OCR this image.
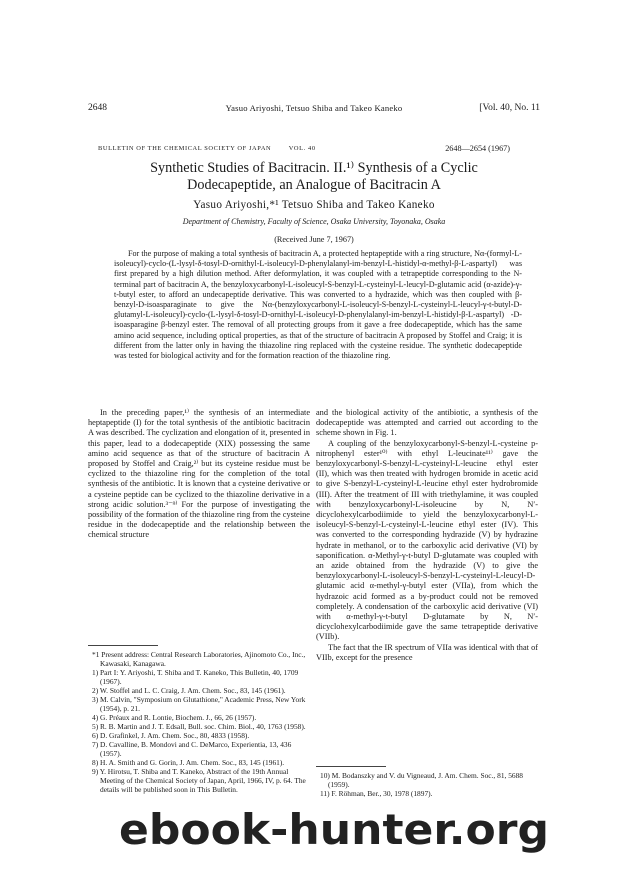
2648	Yasuo Ariyoshi, Tetsuo Shiba and Takeo Kaneko	[Vol. 40, No. 11
BULLETIN OF THE CHEMICAL SOCIETY OF JAPAN	VOL. 40	2648—2654 (1967)
Synthetic Studies of Bacitracin. II.¹⁾ Synthesis of a Cyclic
Dodecapeptide, an Analogue of Bacitracin A
Yasuo Ariyoshi,*¹ Tetsuo Shiba and Takeo Kaneko
Department of Chemistry, Faculty of Science, Osaka University, Toyonaka, Osaka
(Received June 7, 1967)

For the purpose of making a total synthesis of bacitracin A, a protected heptapeptide with a ring structure, Nα-(formyl-L-isoleucyl)-cyclo-(L-lysyl-δ-tosyl-D-ornithyl-L-isoleucyl-D-phenylalanyl-im-benzyl-L-histidyl-α-methyl-β-L-aspartyl) was first prepared by a high dilution method. After deformylation, it was coupled with a tetrapeptide corresponding to the N-terminal part of bacitracin A, the benzyloxycarbonyl-L-isoleucyl-S-benzyl-L-cysteinyl-L-leucyl-D-glutamic acid (α-azide)-γ-t-butyl ester, to afford an undecapeptide derivative. This was converted to a hydrazide, which was then coupled with β-benzyl-D-isoasparaginate to give the Nα-(benzyloxycarbonyl-L-isoleucyl-S-benzyl-L-cysteinyl-L-leucyl-γ-t-butyl-D-glutamyl-L-isoleucyl)-cyclo-(L-lysyl-δ-tosyl-D-ornithyl-L-isoleucyl-D-phenylalanyl-im-benzyl-L-histidyl-β-L-aspartyl) -D-isoasparagine β-benzyl ester. The removal of all protecting groups from it gave a free dodecapeptide, which has the same amino acid sequence, including optical properties, as that of the structure of bacitracin A proposed by Stoffel and Craig; it is different from the latter only in having the thiazoline ring replaced with the cysteine residue. The synthetic dodecapeptide was tested for biological activity and for the formation reaction of the thiazoline ring.

In the preceding paper,¹⁾ the synthesis of an intermediate heptapeptide (I) for the total synthesis of the antibiotic bacitracin A was described. The cyclization and elongation of it, presented in this paper, lead to a dodecapeptide (XIX) possessing the same amino acid sequence as that of the structure of bacitracin A proposed by Stoffel and Craig,²⁾ but its cysteine residue must be cyclized to the thiazoline ring for the completion of the total synthesis of the antibiotic. It is known that a cysteine derivative or a cysteine peptide can be cyclized to the thiazoline derivative in a strong acidic solution.³⁻⁹⁾ For the purpose of investigating the possibility of the formation of the thiazoline ring from the cysteine residue in the dodecapeptide and the relationship between the chemical structure

and the biological activity of the antibiotic, a synthesis of the dodecapeptide was attempted and carried out according to the scheme shown in Fig. 1.

A coupling of the benzyloxycarbonyl-S-benzyl-L-cysteine p-nitrophenyl ester¹⁰⁾ with ethyl L-leucinate¹¹⁾ gave the benzyloxycarbonyl-S-benzyl-L-cysteinyl-L-leucine ethyl ester (II), which was then treated with hydrogen bromide in acetic acid to give S-benzyl-L-cysteinyl-L-leucine ethyl ester hydrobromide (III). After the treatment of III with triethylamine, it was coupled with benzyloxycarbonyl-L-isoleucine by N, N′-dicyclohexylcarbodiimide to yield the benzyloxycarbonyl-L-isoleucyl-S-benzyl-L-cysteinyl-L-leucine ethyl ester (IV). This was converted to the corresponding hydrazide (V) by hydrazine hydrate in methanol, or to the carboxylic acid derivative (VI) by saponification. α-Methyl-γ-t-butyl D-glutamate was coupled with an azide obtained from the hydrazide (V) to give the benzyloxycarbonyl-L-isoleucyl-S-benzyl-L-cysteinyl-L-leucyl-D-glutamic acid α-methyl-γ-butyl ester (VIIa), from which the hydrazoic acid formed as a by-product could not be removed completely. A condensation of the carboxylic acid derivative (VI) with α-methyl-γ-t-butyl D-glutamate by N, N′-dicyclohexylcarbodiimide gave the same tetrapeptide derivative (VIIb).

The fact that the IR spectrum of VIIa was identical with that of VIIb, except for the presence

*1 Present address: Central Research Laboratories, Ajinomoto Co., Inc., Kawasaki, Kanagawa.
1) Part I: Y. Ariyoshi, T. Shiba and T. Kaneko, This Bulletin, 40, 1709 (1967).
2) W. Stoffel and L. C. Craig, J. Am. Chem. Soc., 83, 145 (1961).
3) M. Calvin, "Symposium on Glutathione," Academic Press, New York (1954), p. 21.
4) G. Préaux and R. Lontie, Biochem. J., 66, 26 (1957).
5) R. B. Martin and J. T. Edsall, Bull. soc. Chim. Biol., 40, 1763 (1958).
6) D. Grafinkel, J. Am. Chem. Soc., 80, 4833 (1958).
7) D. Cavalline, B. Mondovi and C. DeMarco, Experientia, 13, 436 (1957).
8) H. A. Smith and G. Gorin, J. Am. Chem. Soc., 83, 145 (1961).
9) Y. Hirotsu, T. Shiba and T. Kaneko, Abstract of the 19th Annual Meeting of the Chemical Society of Japan, April, 1966, IV, p. 64. The details will be published soon in This Bulletin.
10) M. Bodanszky and V. du Vigneaud, J. Am. Chem. Soc., 81, 5688 (1959).
11) F. Röhman, Ber., 30, 1978 (1897).
ebook-hunter.org
